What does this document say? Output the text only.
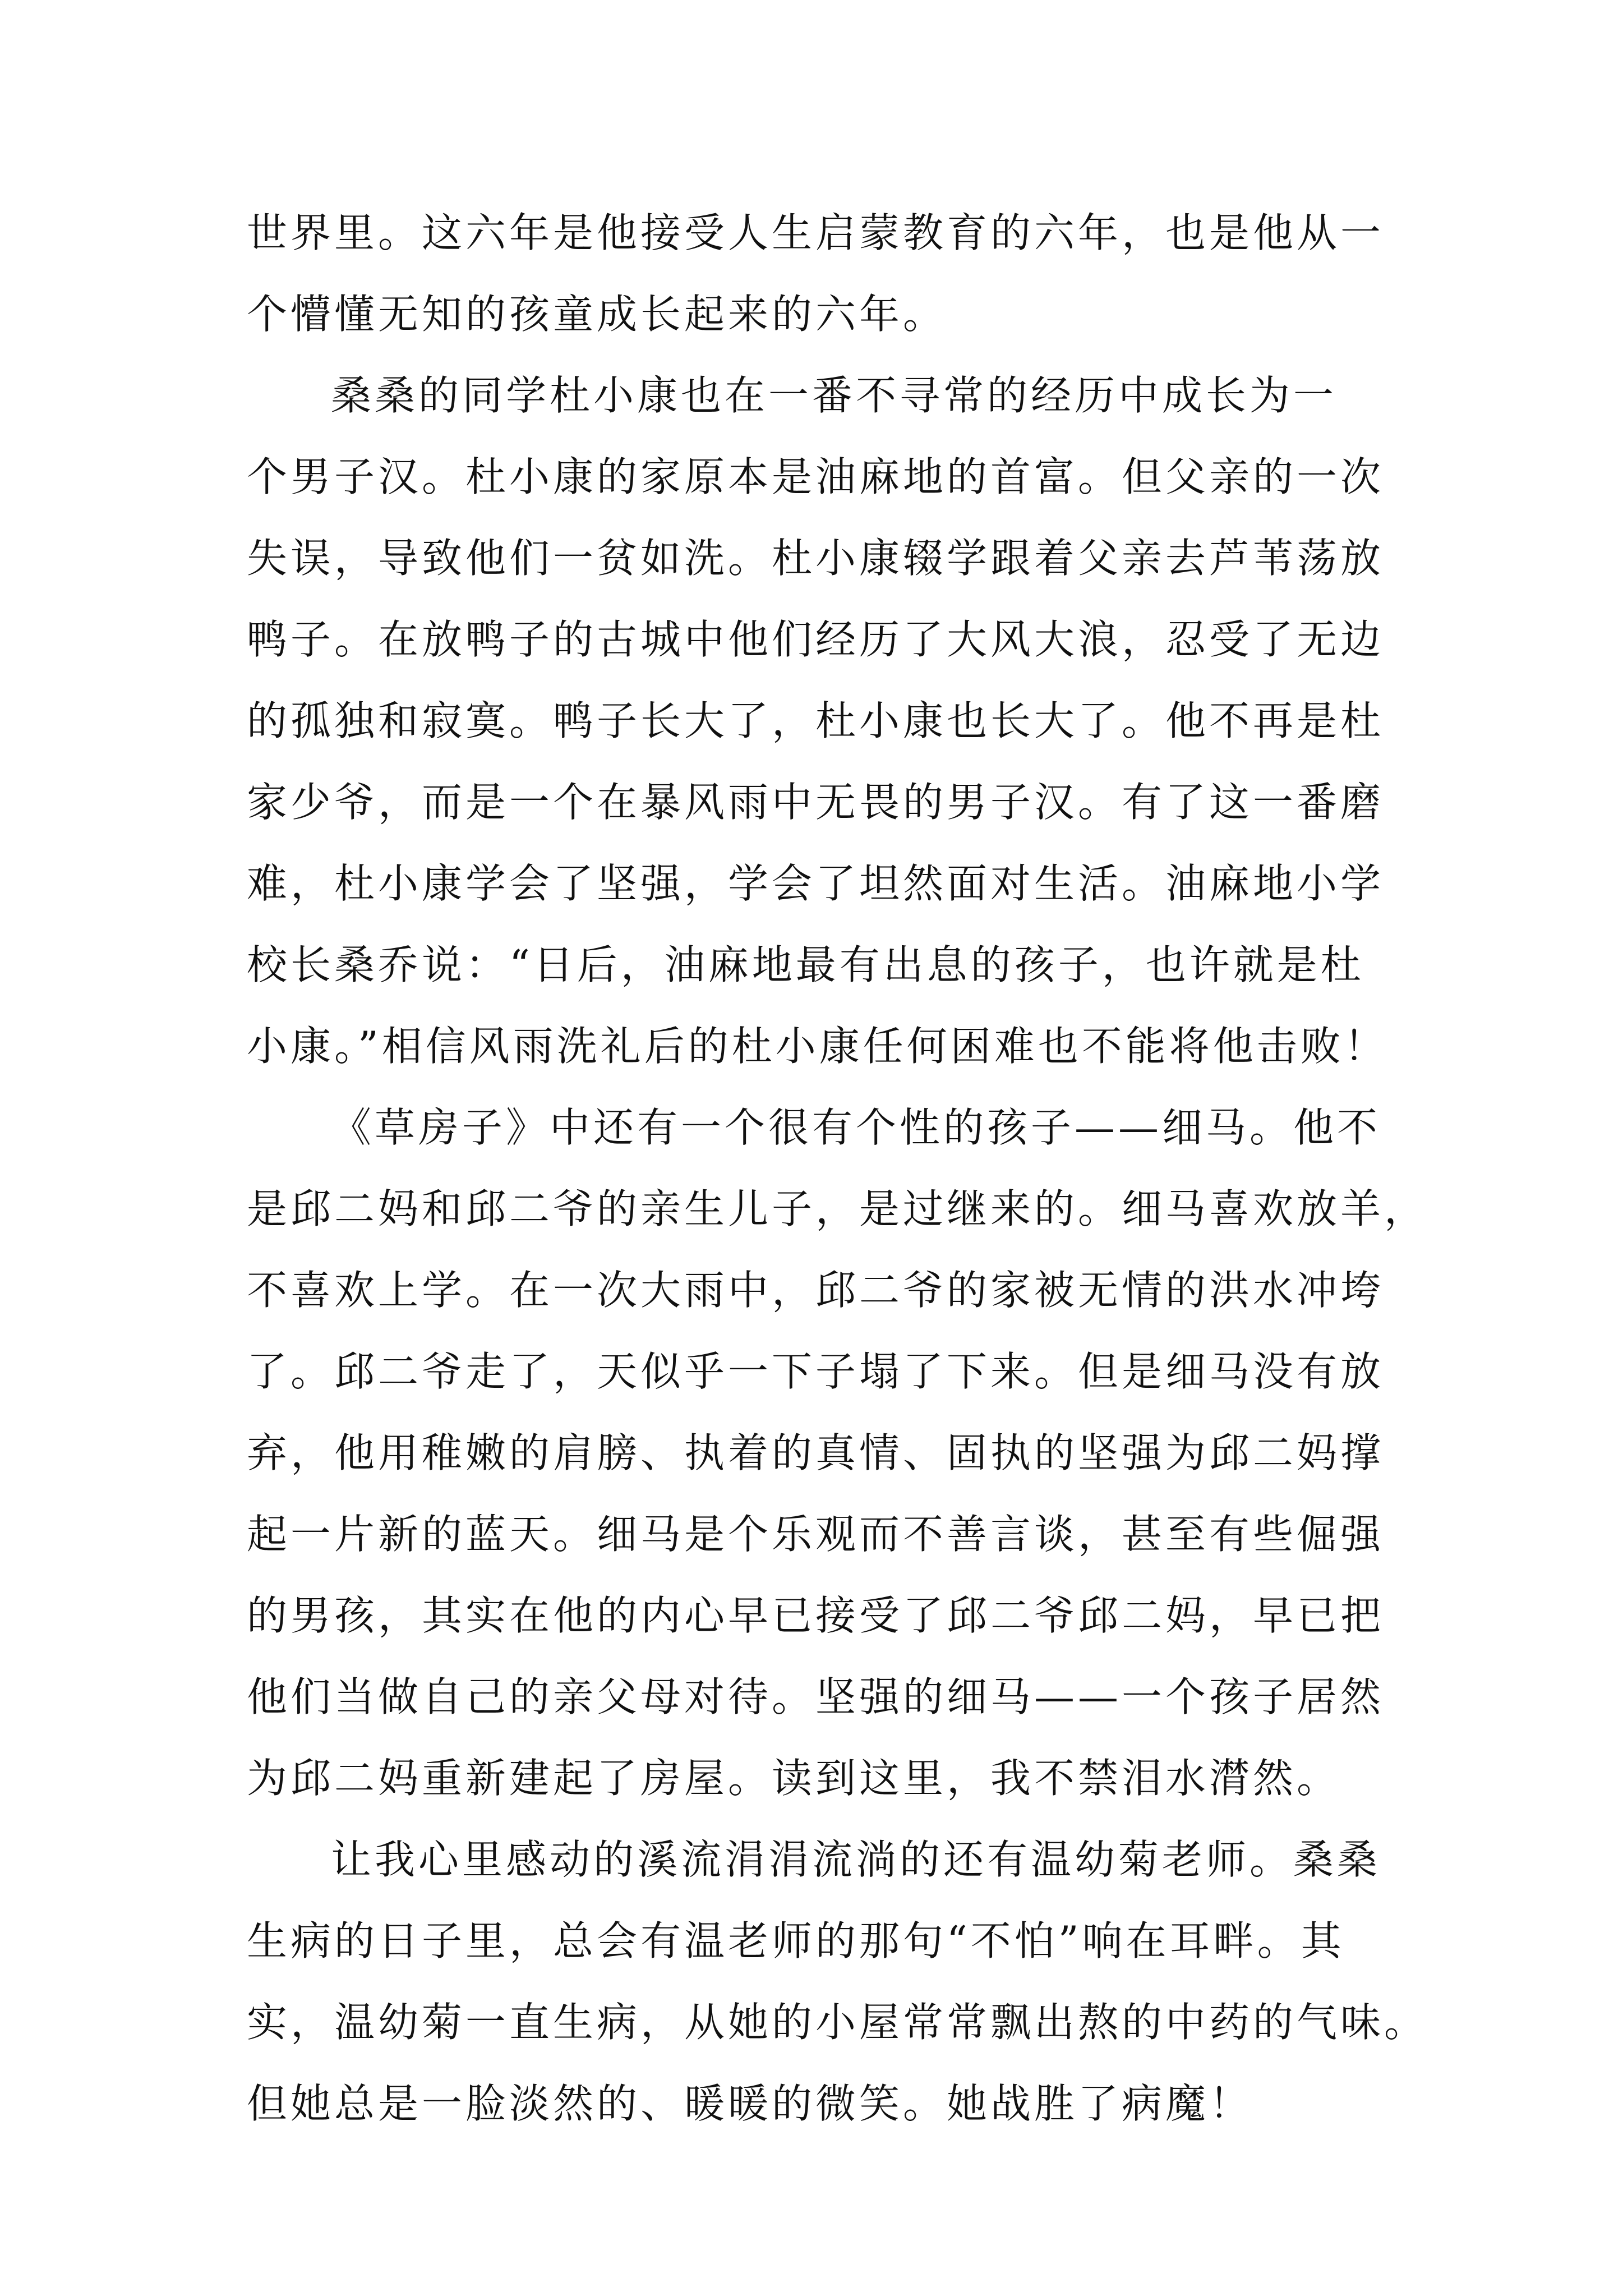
世界里。这六年是他接受人生启蒙教育的六年，也是他从一
个懵懂无知的孩童成长起来的六年。
桑桑的同学杜小康也在一番不寻常的经历中成长为一
个男子汉。杜小康的家原本是油麻地的首富。但父亲的一次
失误，导致他们一贫如洗。杜小康辍学跟着父亲去芦苇荡放
鸭子。在放鸭子的古城中他们经历了大风大浪，忍受了无边
的孤独和寂寞。鸭子长大了，杜小康也长大了。他不再是杜
家少爷，而是一个在暴风雨中无畏的男子汉。有了这一番磨
难，杜小康学会了坚强，学会了坦然面对生活。油麻地小学
校长桑乔说：“日后，油麻地最有出息的孩子，也许就是杜
小康。”相信风雨洗礼后的杜小康任何困难也不能将他击败！
《草房子》中还有一个很有个性的孩子——细马。他不
是邱二妈和邱二爷的亲生儿子，是过继来的。细马喜欢放羊，
不喜欢上学。在一次大雨中，邱二爷的家被无情的洪水冲垮
了。邱二爷走了，天似乎一下子塌了下来。但是细马没有放
弃，他用稚嫩的肩膀、执着的真情、固执的坚强为邱二妈撑
起一片新的蓝天。细马是个乐观而不善言谈，甚至有些倔强
的男孩，其实在他的内心早已接受了邱二爷邱二妈，早已把
他们当做自己的亲父母对待。坚强的细马——一个孩子居然
为邱二妈重新建起了房屋。读到这里，我不禁泪水潸然。
让我心里感动的溪流涓涓流淌的还有温幼菊老师。桑桑
生病的日子里，总会有温老师的那句“不怕”响在耳畔。其
实，温幼菊一直生病，从她的小屋常常飘出熬的中药的气味。
但她总是一脸淡然的、暖暖的微笑。她战胜了病魔！
